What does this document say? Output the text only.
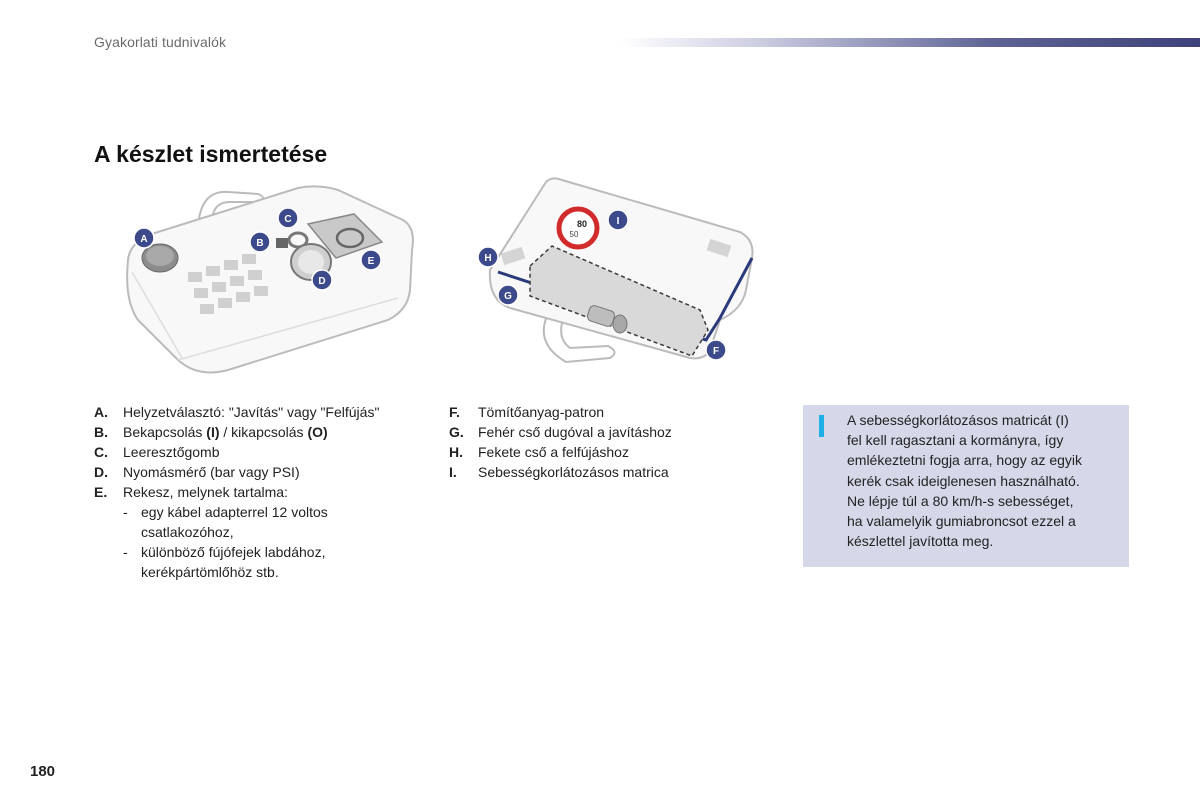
Gyakorlati tudnivalók
A készlet ismertetése
A	B
C
D
E
80
50
H
G
I
F
A.	Helyzetválasztó: "Javítás" vagy "Felfújás"
B.	Bekapcsolás (I) / kikapcsolás (O)
C.	Leeresztőgomb
D.	Nyomásmérő (bar vagy PSI)
E.	Rekesz, melynek tartalma:
- egy kábel adapterrel 12 voltos
csatlakozóhoz,
- különböző fújófejek labdához,
kerékpártömlőhöz stb.
F.	Tömítőanyag-patron
G.	Fehér cső dugóval a javításhoz
H.	Fekete cső a felfújáshoz
I.	Sebességkorlátozásos matrica
A sebességkorlátozásos matricát (I)
fel kell ragasztani a kormányra, így
emlékeztetni fogja arra, hogy az egyik
kerék csak ideiglenesen használható.
Ne lépje túl a 80 km/h-s sebességet,
ha valamelyik gumiabroncsot ezzel a
készlettel javította meg.
180
